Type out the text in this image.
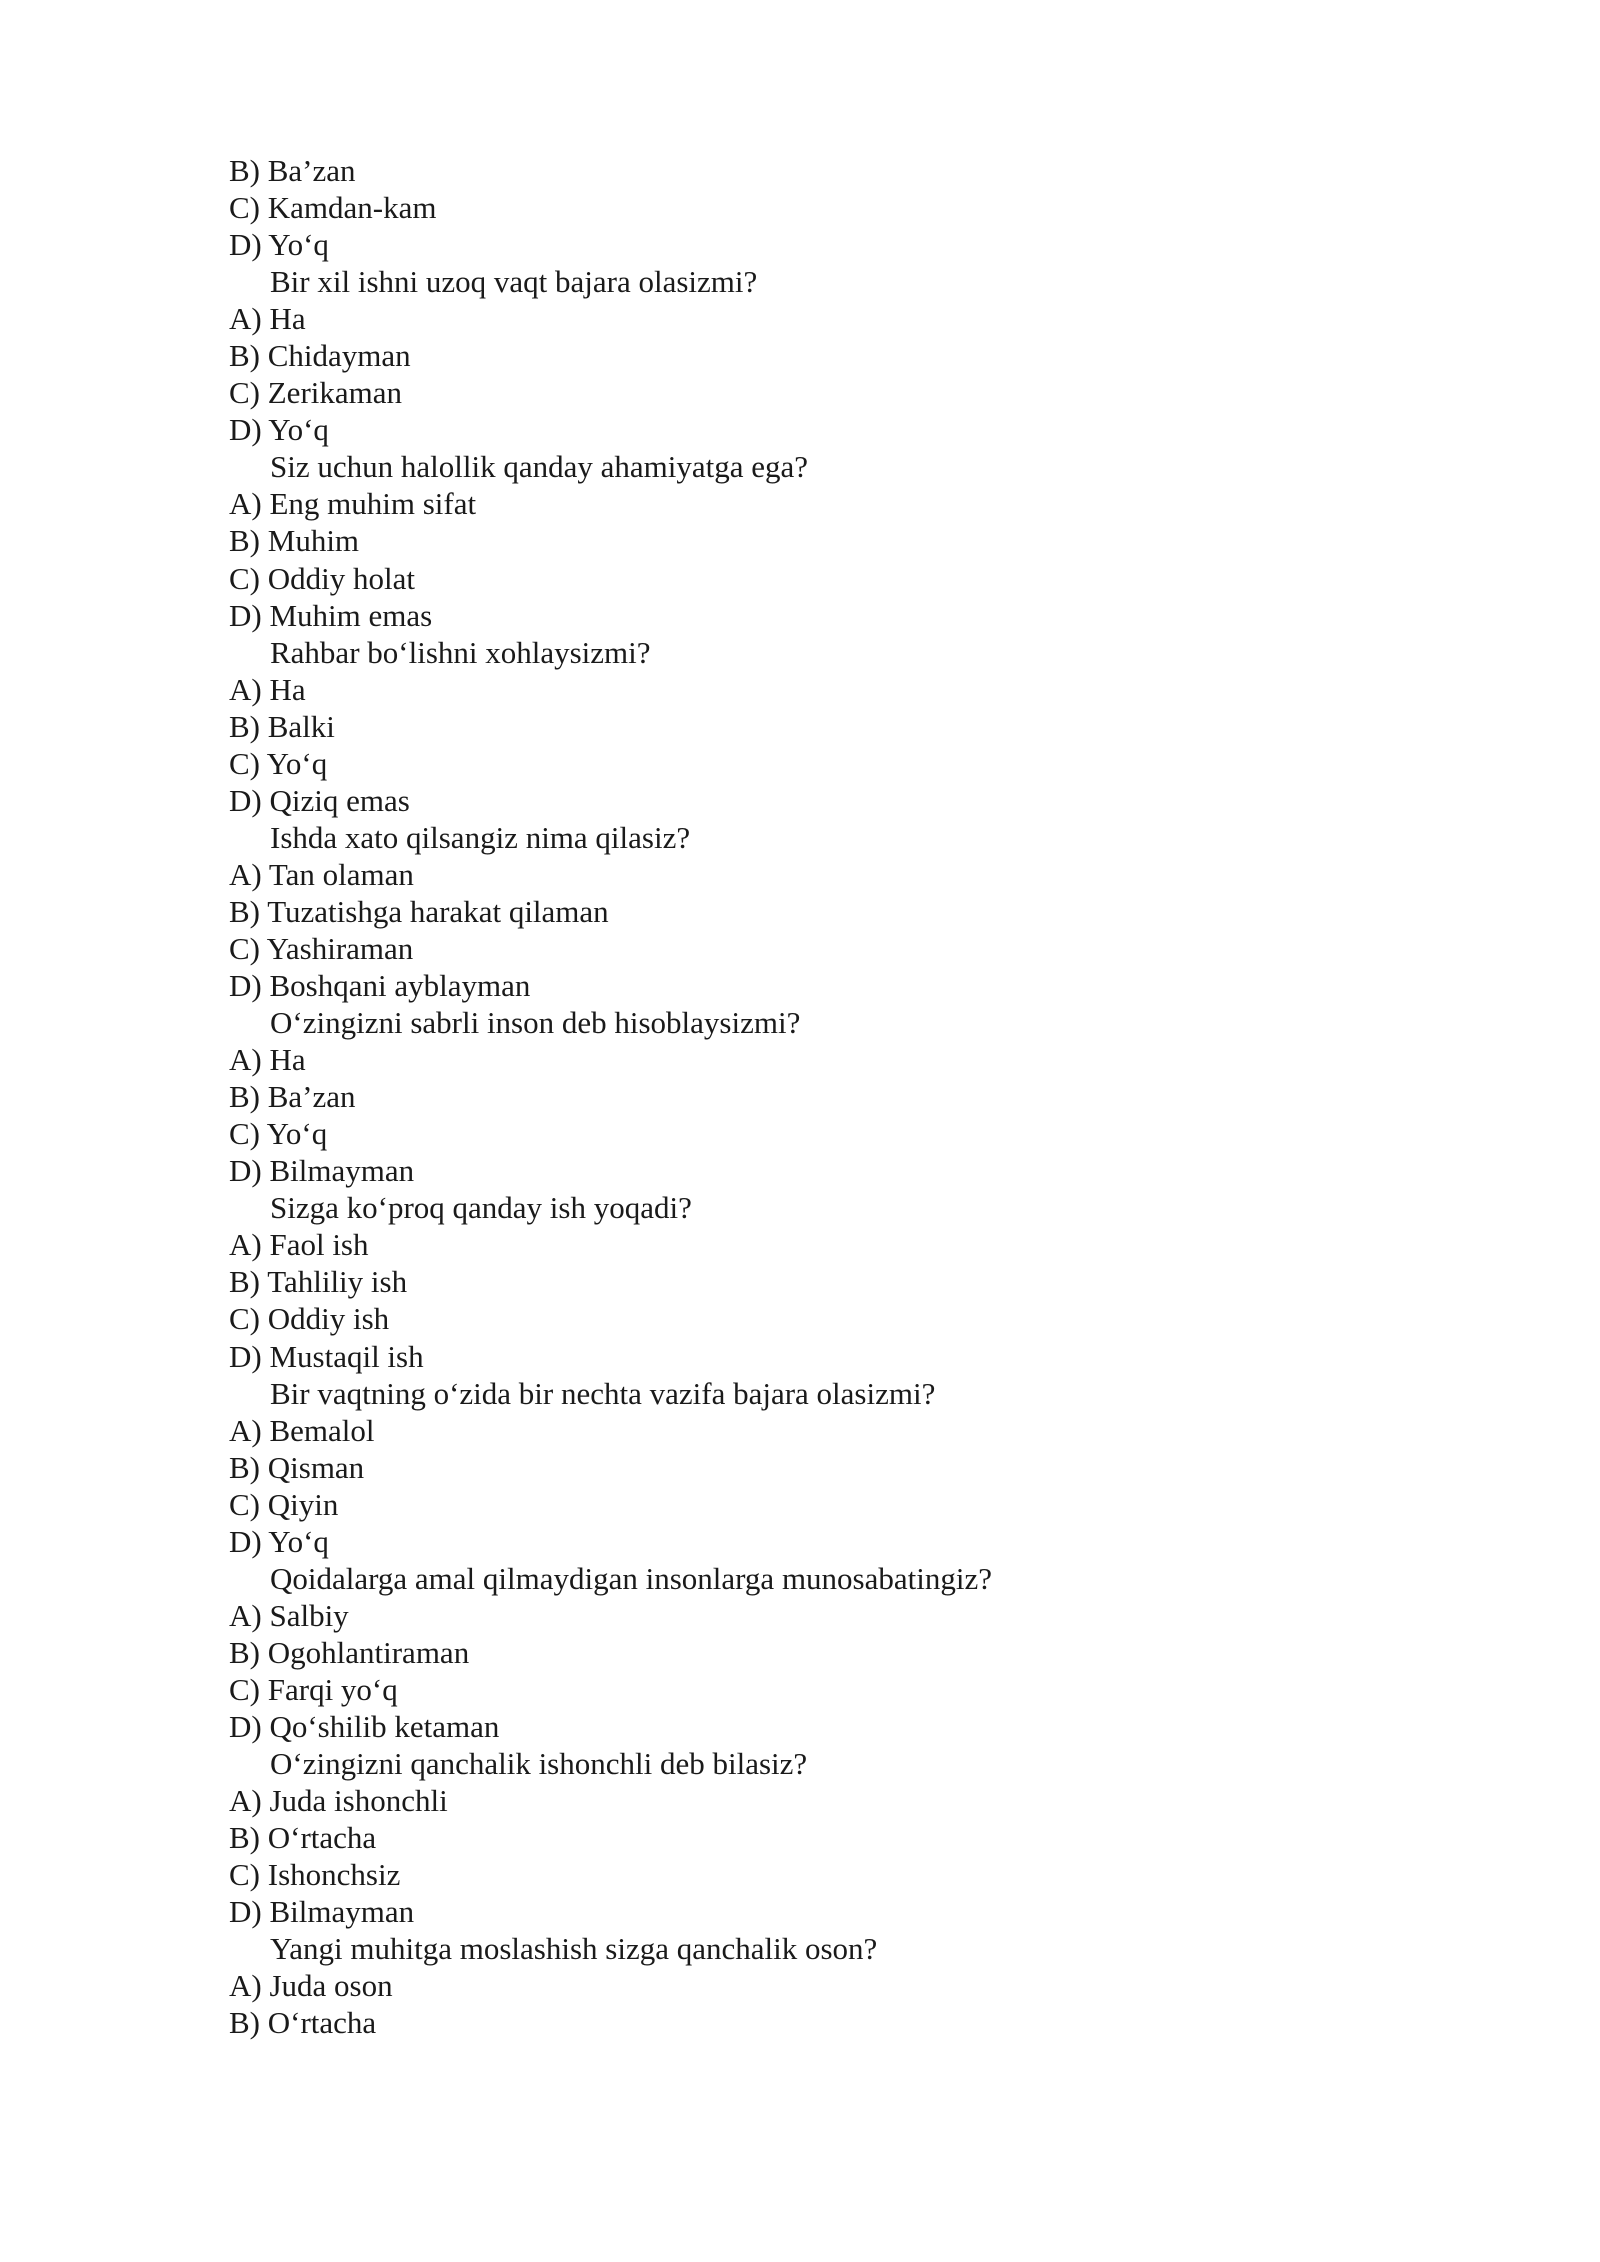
B) Ba’zan
C) Kamdan-kam
D) Yo‘q
Bir xil ishni uzoq vaqt bajara olasizmi?
A) Ha
B) Chidayman
C) Zerikaman
D) Yo‘q
Siz uchun halollik qanday ahamiyatga ega?
A) Eng muhim sifat
B) Muhim
C) Oddiy holat
D) Muhim emas
Rahbar bo‘lishni xohlaysizmi?
A) Ha
B) Balki
C) Yo‘q
D) Qiziq emas
Ishda xato qilsangiz nima qilasiz?
A) Tan olaman
B) Tuzatishga harakat qilaman
C) Yashiraman
D) Boshqani ayblayman
O‘zingizni sabrli inson deb hisoblaysizmi?
A) Ha
B) Ba’zan
C) Yo‘q
D) Bilmayman
Sizga ko‘proq qanday ish yoqadi?
A) Faol ish
B) Tahliliy ish
C) Oddiy ish
D) Mustaqil ish
Bir vaqtning o‘zida bir nechta vazifa bajara olasizmi?
A) Bemalol
B) Qisman
C) Qiyin
D) Yo‘q
Qoidalarga amal qilmaydigan insonlarga munosabatingiz?
A) Salbiy
B) Ogohlantiraman
C) Farqi yo‘q
D) Qo‘shilib ketaman
O‘zingizni qanchalik ishonchli deb bilasiz?
A) Juda ishonchli
B) O‘rtacha
C) Ishonchsiz
D) Bilmayman
Yangi muhitga moslashish sizga qanchalik oson?
A) Juda oson
B) O‘rtacha
